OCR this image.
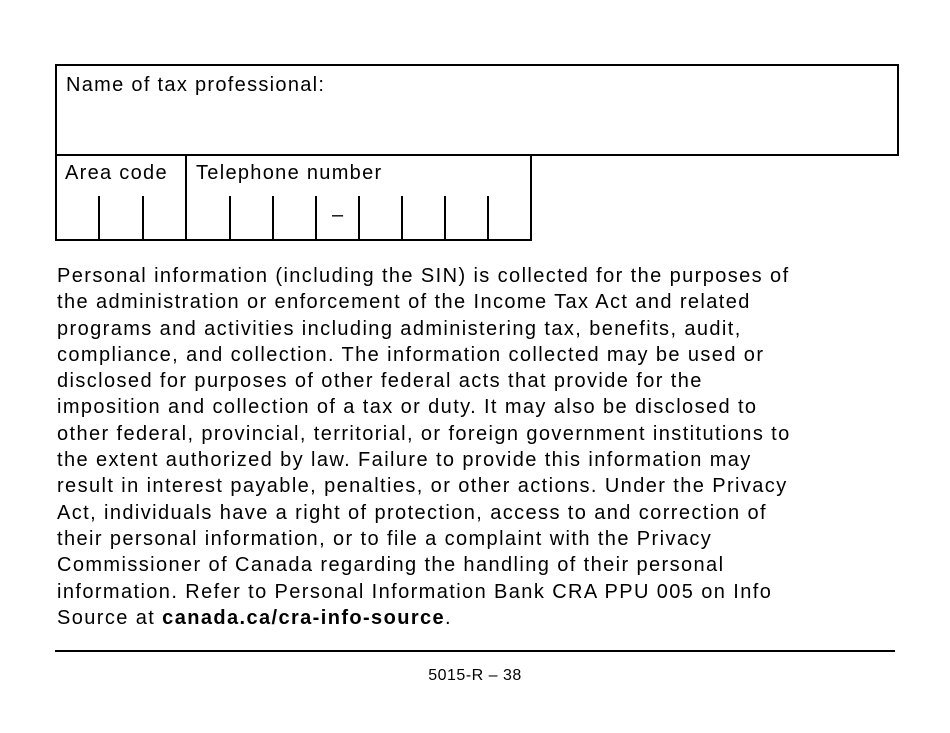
Name of tax professional:
Area code Telephone number
–

Personal information (including the SIN) is collected for the purposes of
the administration or enforcement of the Income Tax Act and related
programs and activities including administering tax, benefits, audit,
compliance, and collection. The information collected may be used or
disclosed for purposes of other federal acts that provide for the
imposition and collection of a tax or duty. It may also be disclosed to
other federal, provincial, territorial, or foreign government institutions to
the extent authorized by law. Failure to provide this information may
result in interest payable, penalties, or other actions. Under the Privacy
Act, individuals have a right of protection, access to and correction of
their personal information, or to file a complaint with the Privacy
Commissioner of Canada regarding the handling of their personal
information. Refer to Personal Information Bank CRA PPU 005 on Info
Source at canada.ca/cra-info-source.

5015-R – 38
